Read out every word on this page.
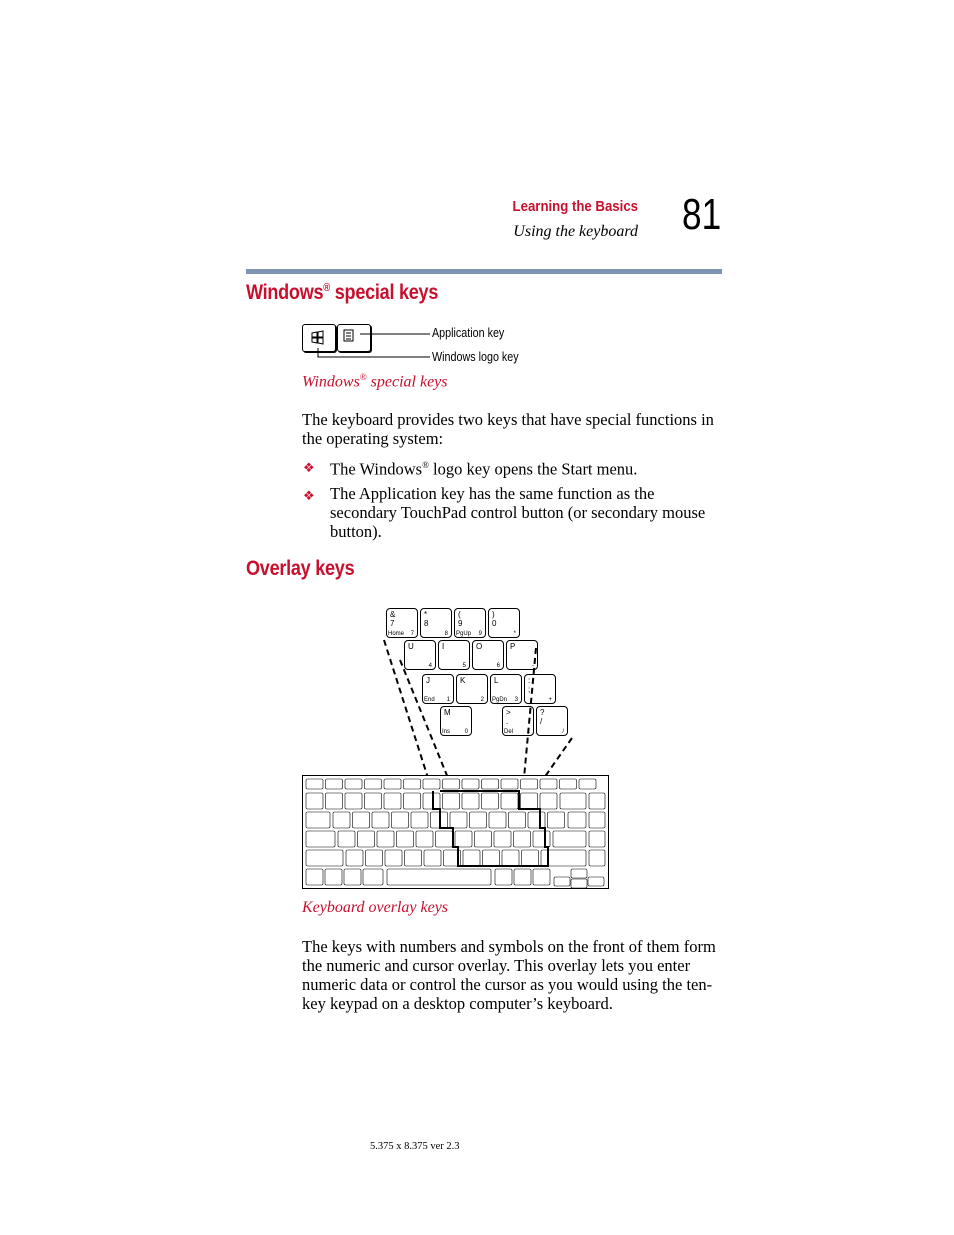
Learning the Basics
Using the keyboard 81
Windows® special keys
Application key
Windows logo key
Windows® special keys
The keyboard provides two keys that have special functions in the operating system:
❖ The Windows® logo key opens the Start menu.
❖ The Application key has the same function as the secondary TouchPad control button (or secondary mouse button).
Overlay keys
&
7
Home 7
*
8
8
(
9
PgUp 9
)
0
*
U
4
I
5
O
6
P
-
J
End 1
K
2
L
PgDn 3
:
;
+
M
Ins 0
>
.
Del
?
/
/
Keyboard overlay keys
The keys with numbers and symbols on the front of them form the numeric and cursor overlay. This overlay lets you enter numeric data or control the cursor as you would using the ten-key keypad on a desktop computer’s keyboard.
5.375 x 8.375 ver 2.3
